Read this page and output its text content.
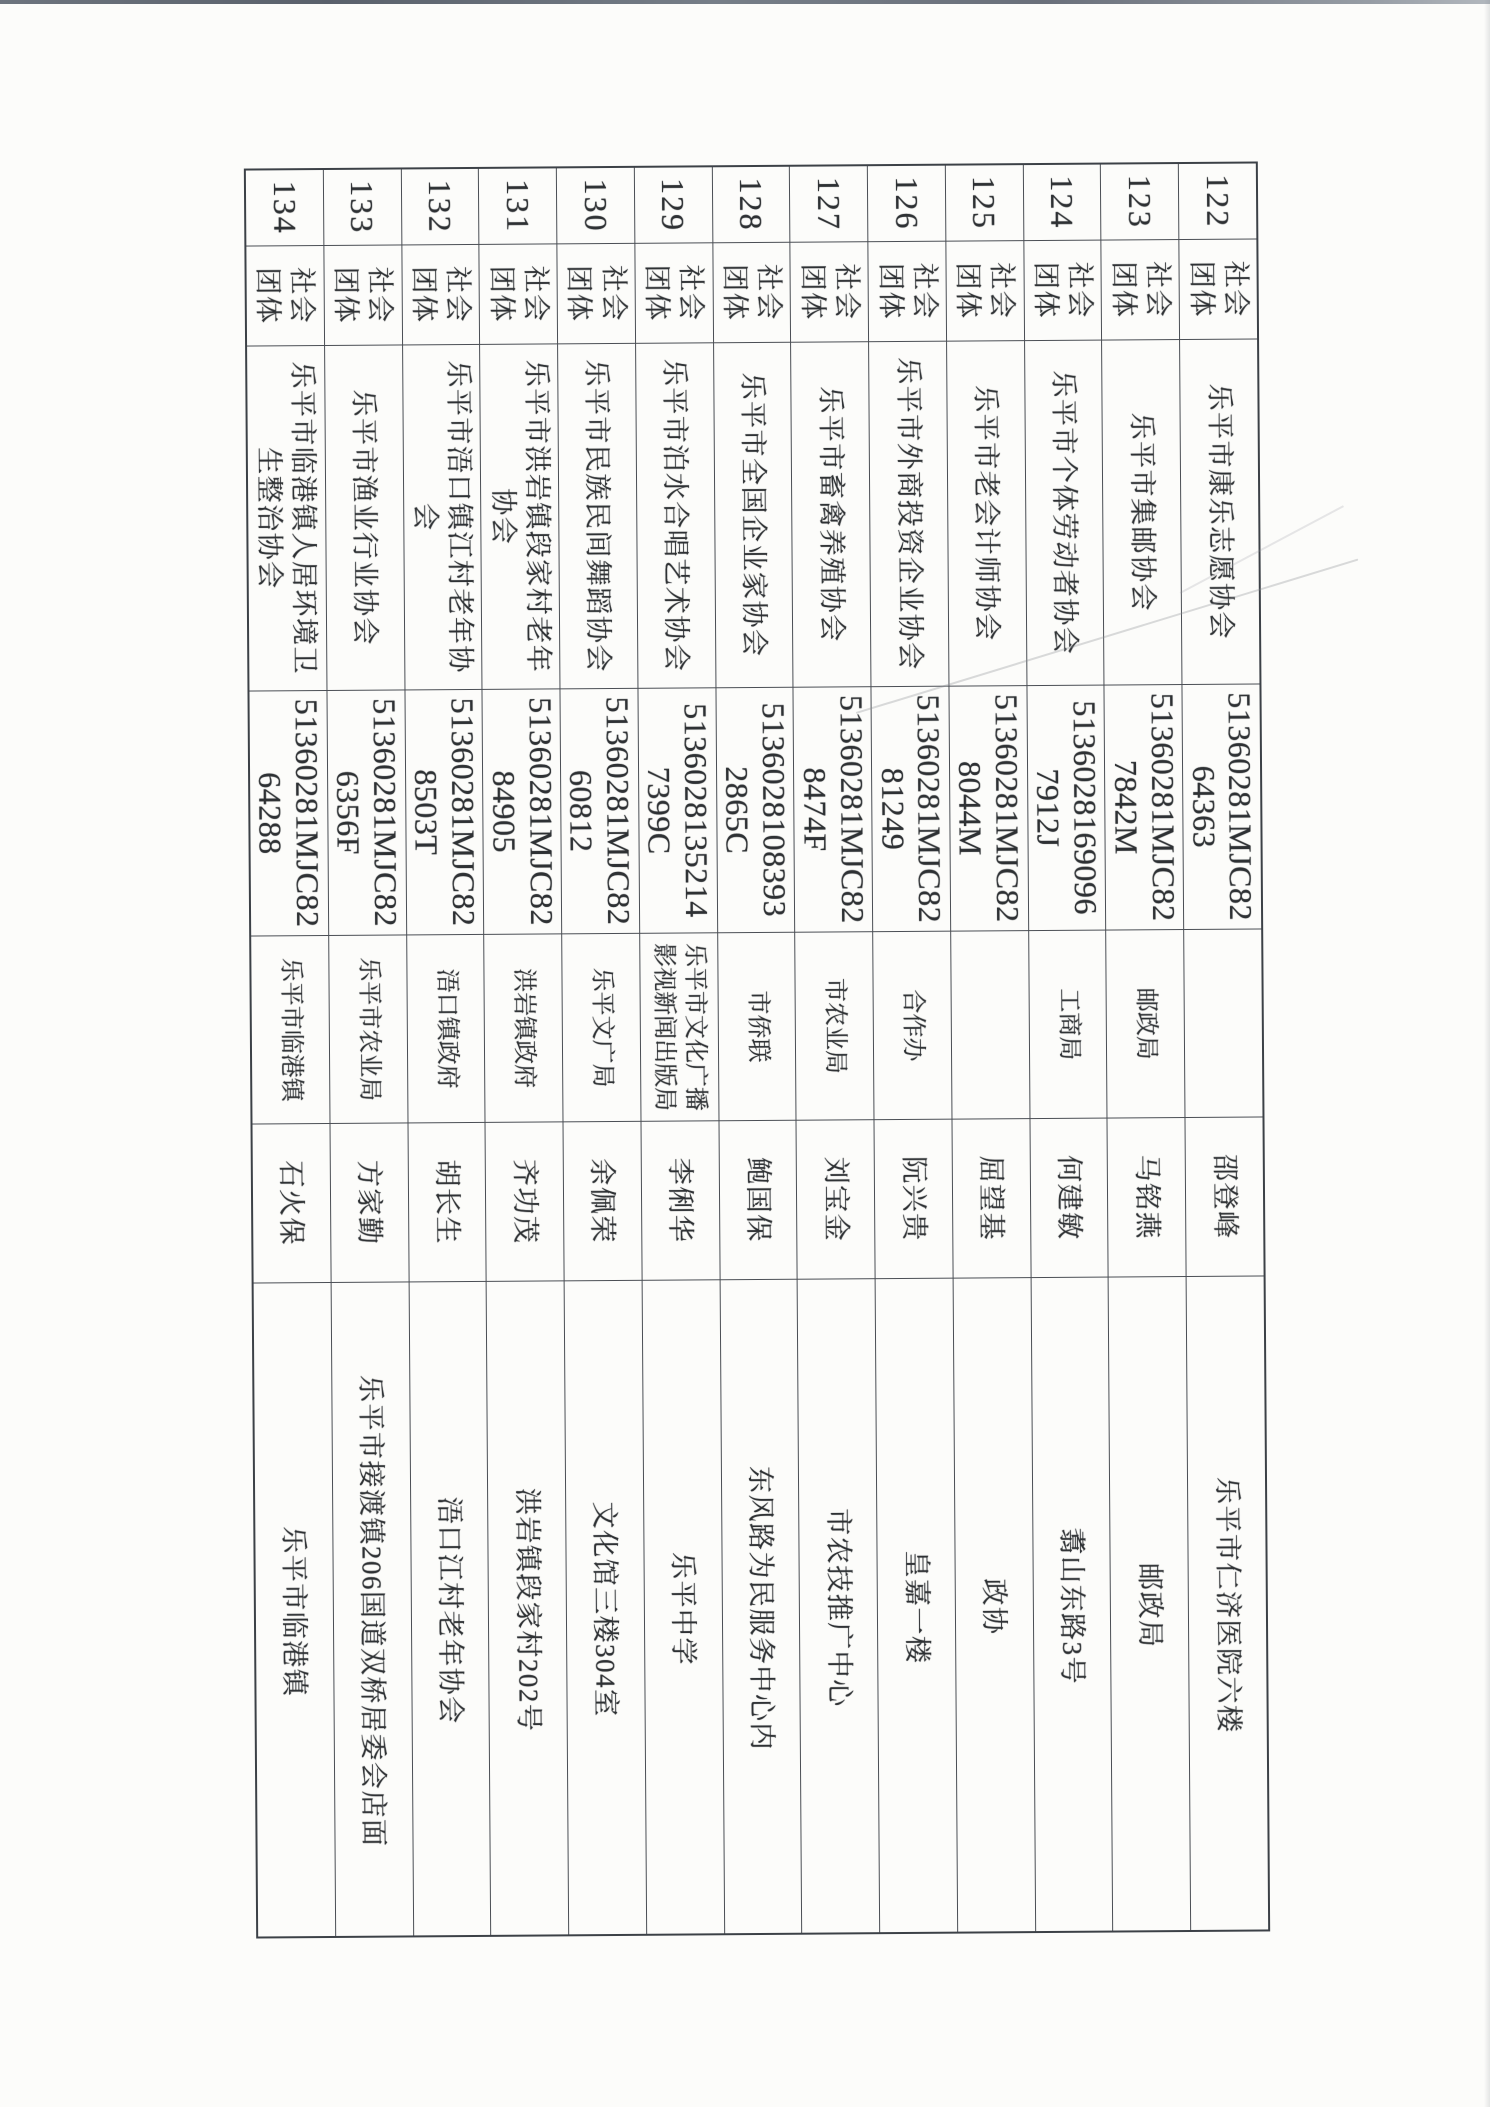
122
社会团体
乐平市康乐志愿协会
51360281MJC82 64363
邵登峰
乐平市仁济医院六楼
123
社会团体
乐平市集邮协会
51360281MJC82 7842M
邮政局
马铭燕
邮政局
124
社会团体
乐平市个体劳动者协会
5136028169096 7912J
工商局
何建敏
翥山东路3号
125
社会团体
乐平市老会计师协会
51360281MJC82 8044M
屈望基
政协
126
社会团体
乐平市外商投资企业协会
51360281MJC82 81249
合作办
阮兴贵
皇嘉一楼
127
社会团体
乐平市畜禽养殖协会
51360281MJC82 8474F
市农业局
刘宝金
市农技推广中心
128
社会团体
乐平市全国企业家协会
5136028108393 2865C
市侨联
鲍国保
东风路为民服务中心内
129
社会团体
乐平市泊水合唱艺术协会
5136028135214 7399C
乐平市文化广播影视新闻出版局
李俐华
乐平中学
130
社会团体
乐平市民族民间舞蹈协会
51360281MJC82 60812
乐平文广局
余佩荣
文化馆三楼304室
131
社会团体
乐平市洪岩镇段家村老年协会
51360281MJC82 84905
洪岩镇政府
齐功茂
洪岩镇段家村202号
132
社会团体
乐平市浯口镇江村老年协会
51360281MJC82 8503T
浯口镇政府
胡长生
浯口江村老年协会
133
社会团体
乐平市渔业行业协会
51360281MJC82 6356F
乐平市农业局
方家勤
乐平市接渡镇206国道双桥居委会店面
134
社会团体
乐平市临港镇人居环境卫生整治协会
51360281MJC82 64288
乐平市临港镇
石火保
乐平市临港镇
